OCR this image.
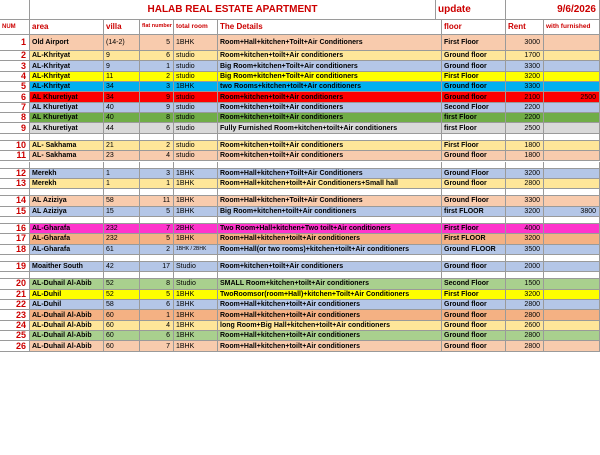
HALAB REAL ESTATE APARTMENT	update	9/6/2026
NUM	area	villa	flat number total room	The Details	floor	Rent	with furnished
1 Old Airport	(14-2)	5 1BHK	Room+Hall+kitchen+Toilt+Air Conditioners	First Floor	3000
2 AL-Khrityat	9	6 studio	Room+kitchen+toilt+Air conditioners	Ground floor	1700
3 AL-Khrityat	9	1 studio	Big Room+kitchen+Toilt+Air conditioners	Ground floor	3300
4 AL-Khrityat	11	2 studio	Big Room+kitchen+Toilt+Air conditioners	First Floor	3200
5 AL-Khrityat	34	3 1BHK	two Rooms+kitchen+toilt+Air conditioners	Ground floor	3300
6 AL Khuretiyat	34	9 studio	Room+kitchen+toilt+Air conditioners	Ground floor	2100	2500
7 AL Khuretiyat	40	9 studio	Room+kitchen+toilt+Air conditioners	Second Floor	2200
8 AL Khuretiyat	40	8 studio	Room+kitchen+toilt+Air conditioners	first Floor	2200
9 AL Khuretiyat	44	6 studio	Fully Furnished Room+kitchen+toilt+Air conditioners	first Floor	2500
10 AL- Sakhama	21	2 studio	Room+kitchen+toilt+Air conditioners	First Floor	1800
11 AL- Sakhama	23	4 studio	Room+kitchen+toilt+Air conditioners	Ground floor	1800
12 Merekh	1	3 1BHK	Room+Hall+kitchen+Toilt+Air Conditioners	Ground Floor	3200
13 Merekh	1	1 1BHK	Room+Hall+kitchen+toilt+Air Conditioners+Small hall	Ground floor	2800
14 AL Aziziya	58	11 1BHK	Room+Hall+kitchen+Toilt+Air Conditioners	Ground Floor	3300
15 AL Aziziya	15	5 1BHK	Big Room+kitchen+toilt+Air conditioners	first FLOOR	3200	3800
16 AL-Gharafa	232	7 2BHK	Two Room+Hall+kitchen+Two toilt+Air conditioners	First Floor	4000
17 AL-Gharafa	232	5 1BHK	Room+Hall+kitchen+toilt+Air conditioners	First FLOOR	3200
18 AL-Gharafa	61	2	1BHK / 2BHK	Room+Hall(or two rooms)+kitchen+toilt+Air conditioners	Ground FLOOR	3500
19 Moaither South	42	17 Studio	Room+kitchen+toilt+Air conditioners	Ground floor	2000
20 AL-Duhail Al-Abib	52	8 Studio	SMALL Room+kitchen+toilt+Air conditioners	Second Floor	1500
21 AL-Duhil	52	5 1BHK	TwoRoomsor(room+Hall)+kitchen+Toilt+Air Conditioners	First Floor	3200
22 AL-Duhil	58	6 1BHK	Room+Hall+kitchen+toilt+Air conditioners	Ground floor	2800
23 AL-Duhail Al-Abib	60	1 1BHK	Room+Hall+kitchen+toilt+Air conditioners	Ground floor	2800
24 AL-Duhail Al-Abib	60	4 1BHK	long Room+Big Hall+kitchen+toilt+Air conditioners	Ground floor	2600
25 AL-Duhail Al-Abib	60	6 1BHK	Room+Hall+kitchen+toilt+Air conditioners	Ground floor	2800
26 AL-Duhail Al-Abib	60	7 1BHK	Room+Hall+kitchen+toilt+Air conditioners	Ground floor	2800
